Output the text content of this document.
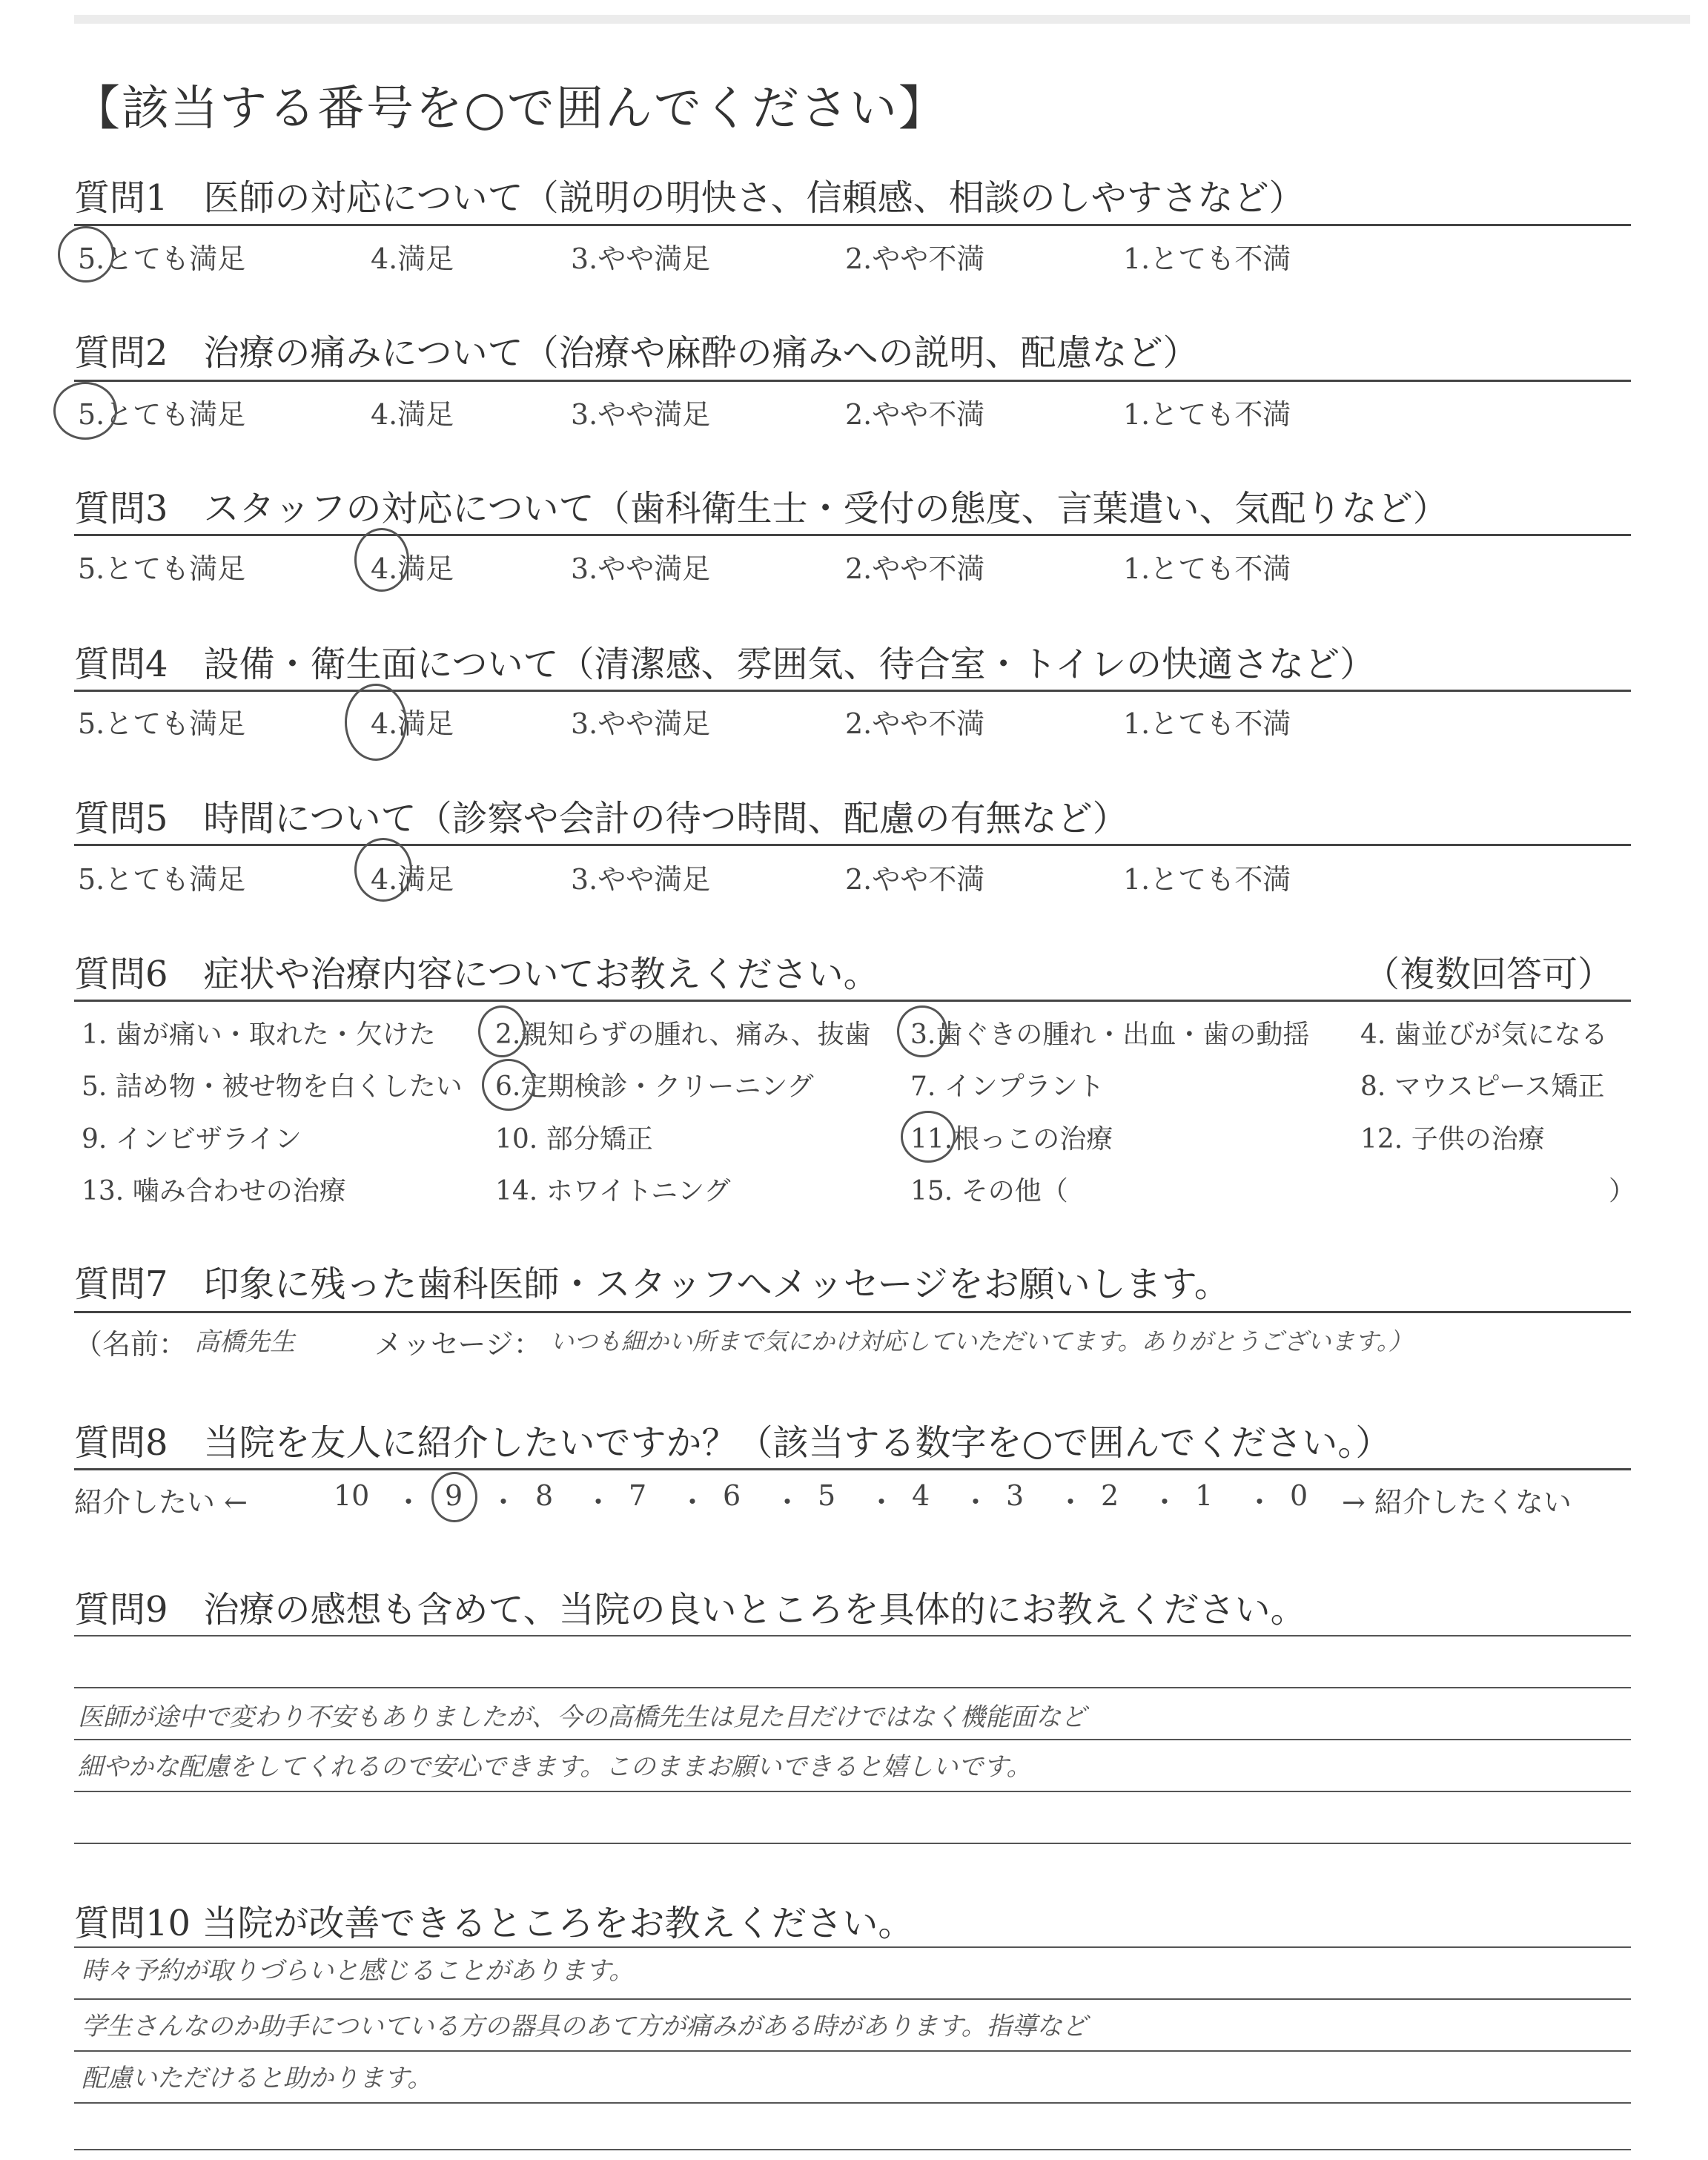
【該当する番号を○で囲んでください】
質問1　医師の対応について（説明の明快さ、信頼感、相談のしやすさなど）
5.とても満足	4.満足	3.やや満足	2.やや不満	1.とても不満
質問2　治療の痛みについて（治療や麻酔の痛みへの説明、配慮など）
5.とても満足	4.満足	3.やや満足	2.やや不満	1.とても不満
質問3　スタッフの対応について（歯科衛生士・受付の態度、言葉遣い、気配りなど）
5.とても満足	4.満足	3.やや満足	2.やや不満	1.とても不満
質問4　設備・衛生面について（清潔感、雰囲気、待合室・トイレの快適さなど）
5.とても満足	4.満足	3.やや満足	2.やや不満	1.とても不満
質問5　時間について（診察や会計の待つ時間、配慮の有無など）
5.とても満足	4.満足	3.やや満足	2.やや不満	1.とても不満
質問6　症状や治療内容についてお教えください。	（複数回答可）
1. 歯が痛い・取れた・欠けた 2.親知らずの腫れ、痛み、抜歯 3.歯ぐきの腫れ・出血・歯の動揺 4. 歯並びが気になる
5. 詰め物・被せ物を白くしたい 6.定期検診・クリーニング	7. インプラント	8. マウスピース矯正
9. インビザライン	10. 部分矯正	11.根っこの治療	12. 子供の治療
13. 噛み合わせの治療	14. ホワイトニング	15. その他（	）
質問7　印象に残った歯科医師・スタッフへメッセージをお願いします。
（名前： 高橋先生	メッセージ： いつも細かい所まで気にかけ対応していただいてます。ありがとうございます。）
質問8　当院を友人に紹介したいですか？（該当する数字を○で囲んでください。）
紹介したい ←	10 ・ 9 ・ 8 ・ 7 ・ 6 ・ 5 ・ 4 ・ 3 ・ 2 ・ 1 ・ 0 → 紹介したくない
質問9　治療の感想も含めて、当院の良いところを具体的にお教えください。
医師が途中で変わり不安もありましたが、今の高橋先生は見た目だけではなく機能面など
細やかな配慮をしてくれるので安心できます。このままお願いできると嬉しいです。
質問10 当院が改善できるところをお教えください。
時々予約が取りづらいと感じることがあります。
学生さんなのか助手についている方の器具のあて方が痛みがある時があります。指導など
配慮いただけると助かります。
